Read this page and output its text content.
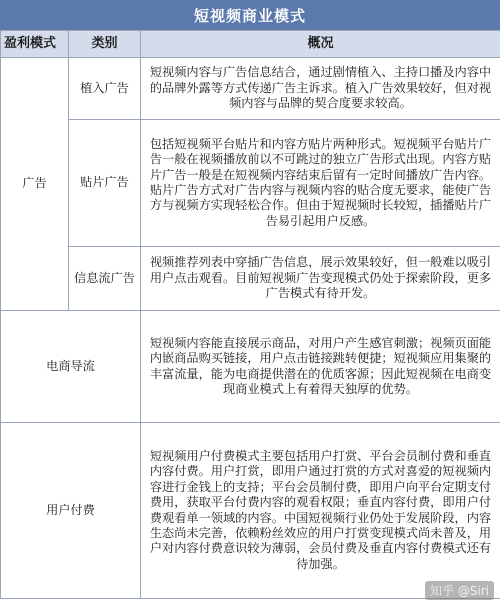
短视频商业模式
盈利模式	类别	概况
广告	植入广告	短视频内容与广告信息结合，通过剧情植入、主持口播及内容中的品牌外露等方式传递广告主诉求。植入广告效果较好，但对视频内容与品牌的契合度要求较高。
	贴片广告	包括短视频平台贴片和内容方贴片两种形式。短视频平台贴片广告一般在视频播放前以不可跳过的独立广告形式出现。内容方贴片广告一般是在短视频内容结束后留有一定时间播放广告内容。贴片广告方式对广告内容与视频内容的贴合度无要求，能使广告方与视频方实现轻松合作。但由于短视频时长较短，插播贴片广告易引起用户反感。
	信息流广告	视频推荐列表中穿插广告信息，展示效果较好，但一般难以吸引用户点击观看。目前短视频广告变现模式仍处于探索阶段，更多广告模式有待开发。
电商导流		短视频内容能直接展示商品，对用户产生感官刺激；视频页面能内嵌商品购买链接，用户点击链接跳转便捷；短视频应用集聚的丰富流量，能为电商提供潜在的优质客源；因此短视频在电商变现商业模式上有着得天独厚的优势。
用户付费		短视频用户付费模式主要包括用户打赏、平台会员制付费和垂直内容付费。用户打赏，即用户通过打赏的方式对喜爱的短视频内容进行金钱上的支持；平台会员制付费，即用户向平台定期支付费用，获取平台付费内容的观看权限；垂直内容付费，即用户付费观看单一领域的内容。中国短视频行业仍处于发展阶段，内容生态尚未完善，依赖粉丝效应的用户打赏变现模式尚未普及，用户对内容付费意识较为薄弱，会员付费及垂直内容付费模式还有待加强。
知乎 @Siri
